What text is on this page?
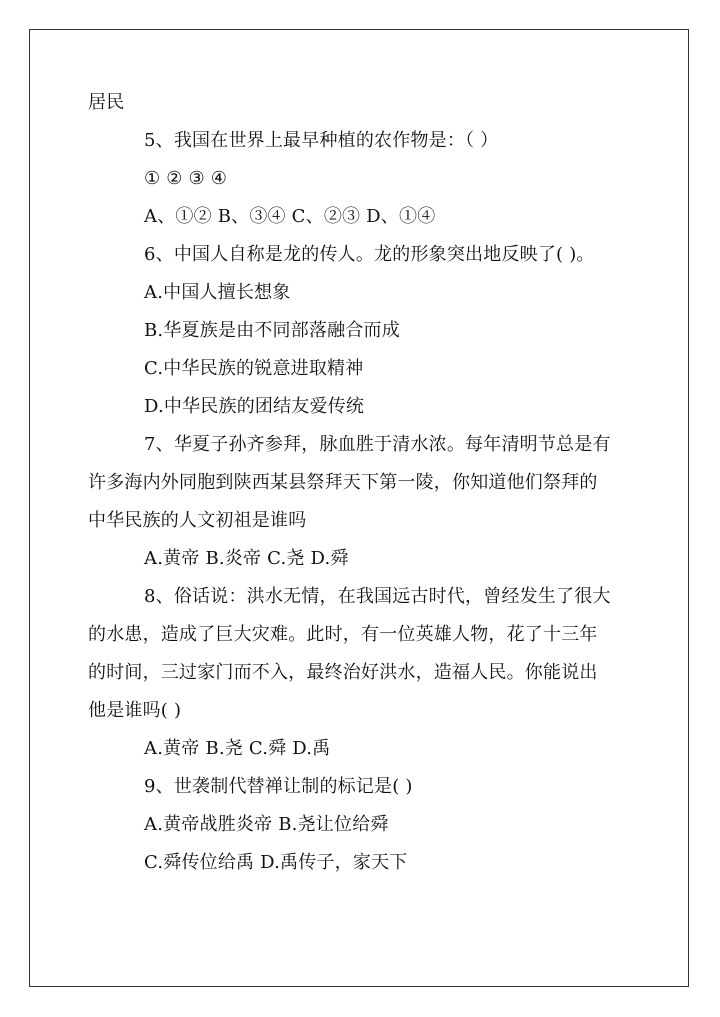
居民
5、我国在世界上最早种植的农作物是：（ ）
① ② ③ ④
A、①② B、③④ C、②③ D、①④
6、中国人自称是龙的传人。龙的形象突出地反映了( )。
A.中国人擅长想象
B.华夏族是由不同部落融合而成
C.中华民族的锐意进取精神
D.中华民族的团结友爱传统
7、华夏子孙齐参拜，脉血胜于清水浓。每年清明节总是有
许多海内外同胞到陕西某县祭拜天下第一陵，你知道他们祭拜的
中华民族的人文初祖是谁吗
A.黄帝 B.炎帝 C.尧 D.舜
8、俗话说：洪水无情，在我国远古时代，曾经发生了很大
的水患，造成了巨大灾难。此时，有一位英雄人物，花了十三年
的时间，三过家门而不入，最终治好洪水，造福人民。你能说出
他是谁吗( )
A.黄帝 B.尧 C.舜 D.禹
9、世袭制代替禅让制的标记是( )
A.黄帝战胜炎帝 B.尧让位给舜
C.舜传位给禹 D.禹传子，家天下
